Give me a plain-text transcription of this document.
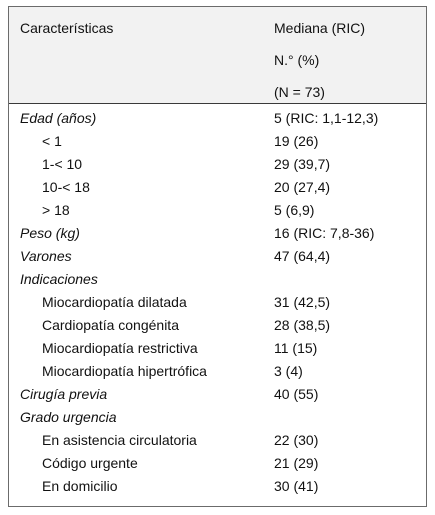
Características	Mediana (RIC)
N.° (%)
(N = 73)
Edad (años)	5 (RIC: 1,1-12,3)
< 1	19 (26)
1-< 10	29 (39,7)
10-< 18	20 (27,4)
> 18	5 (6,9)
Peso (kg)	16 (RIC: 7,8-36)
Varones	47 (64,4)
Indicaciones
Miocardiopatía dilatada	31 (42,5)
Cardiopatía congénita	28 (38,5)
Miocardiopatía restrictiva	11 (15)
Miocardiopatía hipertrófica	3 (4)
Cirugía previa	40 (55)
Grado urgencia
En asistencia circulatoria	22 (30)
Código urgente	21 (29)
En domicilio	30 (41)
